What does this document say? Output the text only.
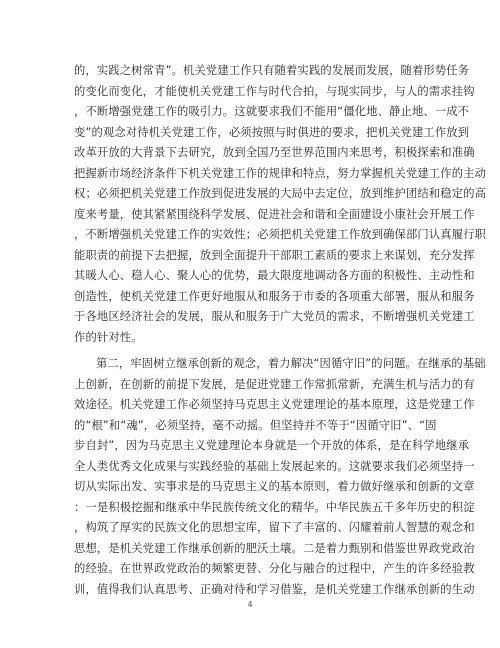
的，实践之树常青”。机关党建工作只有随着实践的发展而发展，随着形势任务
的变化而变化，才能使机关党建工作与时代合拍，与现实同步，与人的需求挂钩
，不断增强党建工作的吸引力。这就要求我们不能用“僵化地、静止地、一成不
变”的观念对待机关党建工作，必须按照与时俱进的要求，把机关党建工作放到
改革开放的大背景下去研究，放到全国乃至世界范围内来思考，积极探索和准确
把握新市场经济条件下机关党建工作的规律和特点，努力掌握机关党建工作的主动
权；必须把机关党建工作放到促进发展的大局中去定位，放到维护团结和稳定的高
度来考量，使其紧紧围绕科学发展、促进社会和谐和全面建设小康社会开展工作
，不断增强机关党建工作的实效性；必须把机关党建工作放到确保部门认真履行职
能职责的前提下去把握，放到全面提升干部职工素质的要求上来谋划，充分发挥
其暖人心、稳人心、聚人心的优势，最大限度地调动各方面的积极性、主动性和
创造性，使机关党建工作更好地服从和服务于市委的各项重大部署，服从和服务
于各地区经济社会的发展，服从和服务于广大党员的需求，不断增强机关党建工
作的针对性。
第二，牢固树立继承创新的观念，着力解决“因循守旧”的问题。在继承的基础
上创新，在创新的前提下发展，是促进党建工作常抓常新，充满生机与活力的有
效途径。机关党建工作必须坚持马克思主义党建理论的基本原理，这是党建工作
的“根”和“魂”，必须坚持，毫不动摇。但坚持并不等于“因循守旧”、“固
步自封”，因为马克思主义党建理论本身就是一个开放的体系，是在科学地继承
全人类优秀文化成果与实践经验的基础上发展起来的。这就要求我们必须坚持一
切从实际出发、实事求是的马克思主义的基本原则，着力做好继承和创新的文章
：一是积极挖掘和继承中华民族传统文化的精华。中华民族五千多年历史的积淀
，构筑了厚实的民族文化的思想宝库，留下了丰富的、闪耀着前人智慧的观念和
思想，是机关党建工作继承创新的肥沃土壤。二是着力甄别和借鉴世界政党政治
的经验。在世界政党政治的频繁更替、分化与融合的过程中，产生的许多经验教
训，值得我们认真思考、正确对待和学习借鉴，是机关党建工作继承创新的生动
4
